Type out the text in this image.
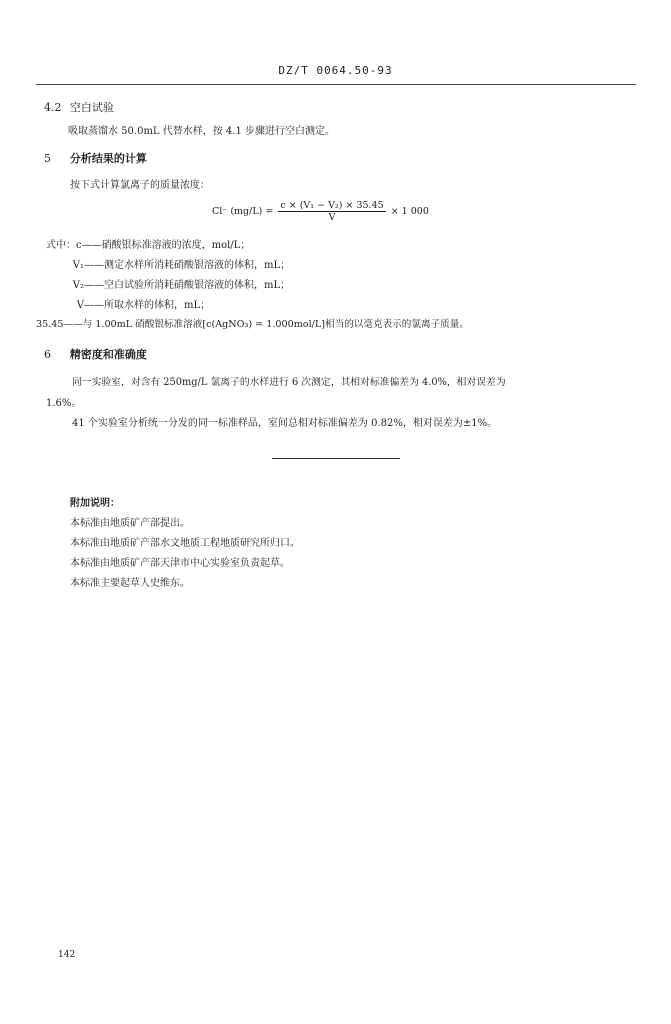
DZ/T 0064.50-93
4.2 空白试验
吸取蒸馏水 50.0mL 代替水样，按 4.1 步骤进行空白测定。
5 分析结果的计算
按下式计算氯离子的质量浓度：
Cl⁻ $(mg/L) = \frac{\text{c × (V₁ − V₂) × 35.45}}{V} \times 1$ 000
式中：c——硝酸银标准溶液的浓度，mol/L；
V₁——测定水样所消耗硝酸银溶液的体积，mL；
V₂——空白试验所消耗硝酸银溶液的体积，mL；
V——所取水样的体积，mL；
35.45——与 1.00mL 硝酸银标准溶液[c(AgNO₃) = 1.000mol/L]相当的以毫克表示的氯离子质量。
6 精密度和准确度
同一实验室，对含有 250mg/L 氯离子的水样进行 6 次测定，其相对标准偏差为 4.0%，相对误差为
1.6%。
41 个实验室分析统一分发的同一标准样品，室间总相对标准偏差为 0.82%，相对误差为±1%。
附加说明：
本标准由地质矿产部提出。
本标准由地质矿产部水文地质工程地质研究所归口。
本标准由地质矿产部天津市中心实验室负责起草。
本标准主要起草人史维东。
142
